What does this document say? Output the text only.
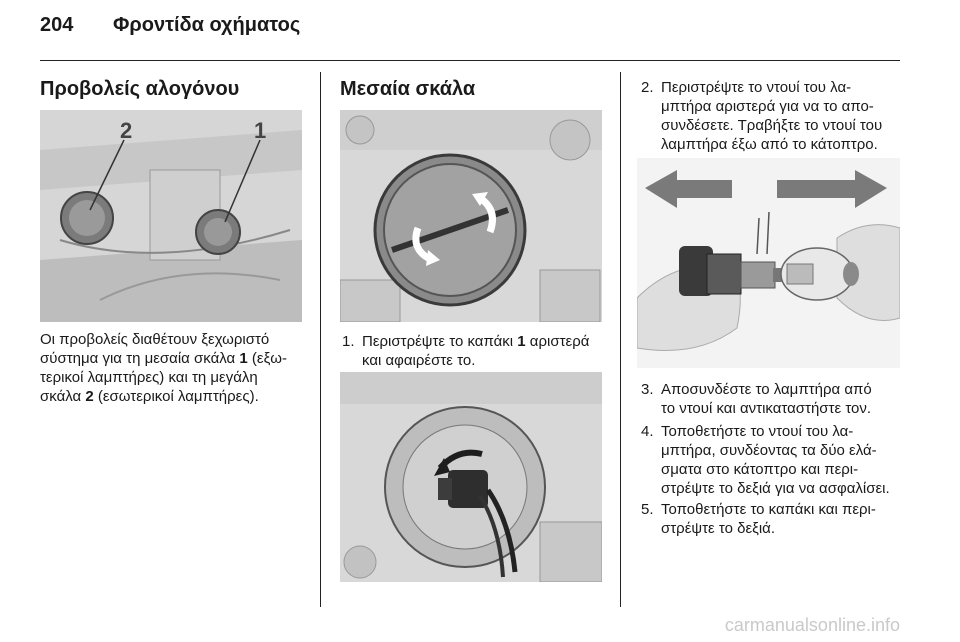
204 Φροντίδα οχήματος
Προβολείς αλογόνου
2	1
Οι προβολείς διαθέτουν ξεχωριστό
σύστημα για τη μεσαία σκάλα 1 (εξω-
τερικοί λαμπτήρες) και τη μεγάλη
σκάλα 2 (εσωτερικοί λαμπτήρες).
Μεσαία σκάλα
1. Περιστρέψτε το καπάκι 1 αριστερά
και αφαιρέστε το.
2. Περιστρέψτε το ντουί του λα-
μπτήρα αριστερά για να το απο-
συνδέσετε. Τραβήξτε το ντουί του
λαμπτήρα έξω από το κάτοπτρο.
3. Αποσυνδέστε το λαμπτήρα από
το ντουί και αντικαταστήστε τον.
4. Τοποθετήστε το ντουί του λα-
μπτήρα, συνδέοντας τα δύο ελά-
σματα στο κάτοπτρο και περι-
στρέψτε το δεξιά για να ασφαλίσει.
5. Τοποθετήστε το καπάκι και περι-
στρέψτε το δεξιά.
carmanualsonline.info
